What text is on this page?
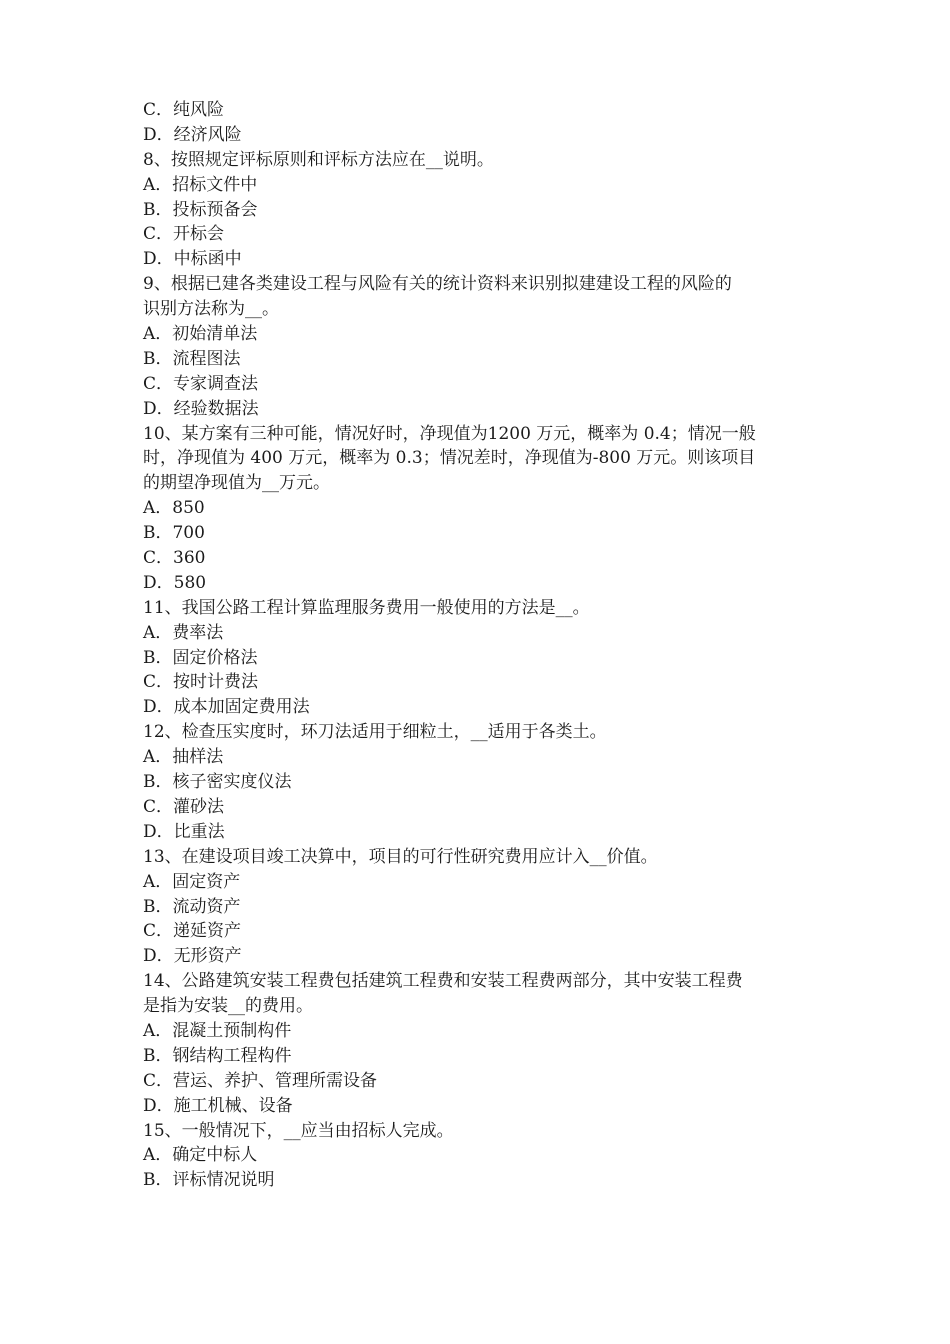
C．纯风险
D．经济风险
8、按照规定评标原则和评标方法应在__说明。
A．招标文件中
B．投标预备会
C．开标会
D．中标函中
9、根据已建各类建设工程与风险有关的统计资料来识别拟建建设工程的风险的
识别方法称为__。
A．初始清单法
B．流程图法
C．专家调查法
D．经验数据法
10、某方案有三种可能，情况好时，净现值为1200 万元，概率为 0.4；情况一般
时，净现值为 400 万元，概率为 0.3；情况差时，净现值为-800 万元。则该项目
的期望净现值为__万元。
A．850
B．700
C．360
D．580
11、我国公路工程计算监理服务费用一般使用的方法是__。
A．费率法
B．固定价格法
C．按时计费法
D．成本加固定费用法
12、检查压实度时，环刀法适用于细粒土，__适用于各类土。
A．抽样法
B．核子密实度仪法
C．灌砂法
D．比重法
13、在建设项目竣工决算中，项目的可行性研究费用应计入__价值。
A．固定资产
B．流动资产
C．递延资产
D．无形资产
14、公路建筑安装工程费包括建筑工程费和安装工程费两部分，其中安装工程费
是指为安装__的费用。
A．混凝土预制构件
B．钢结构工程构件
C．营运、养护、管理所需设备
D．施工机械、设备
15、一般情况下，__应当由招标人完成。
A．确定中标人
B．评标情况说明
